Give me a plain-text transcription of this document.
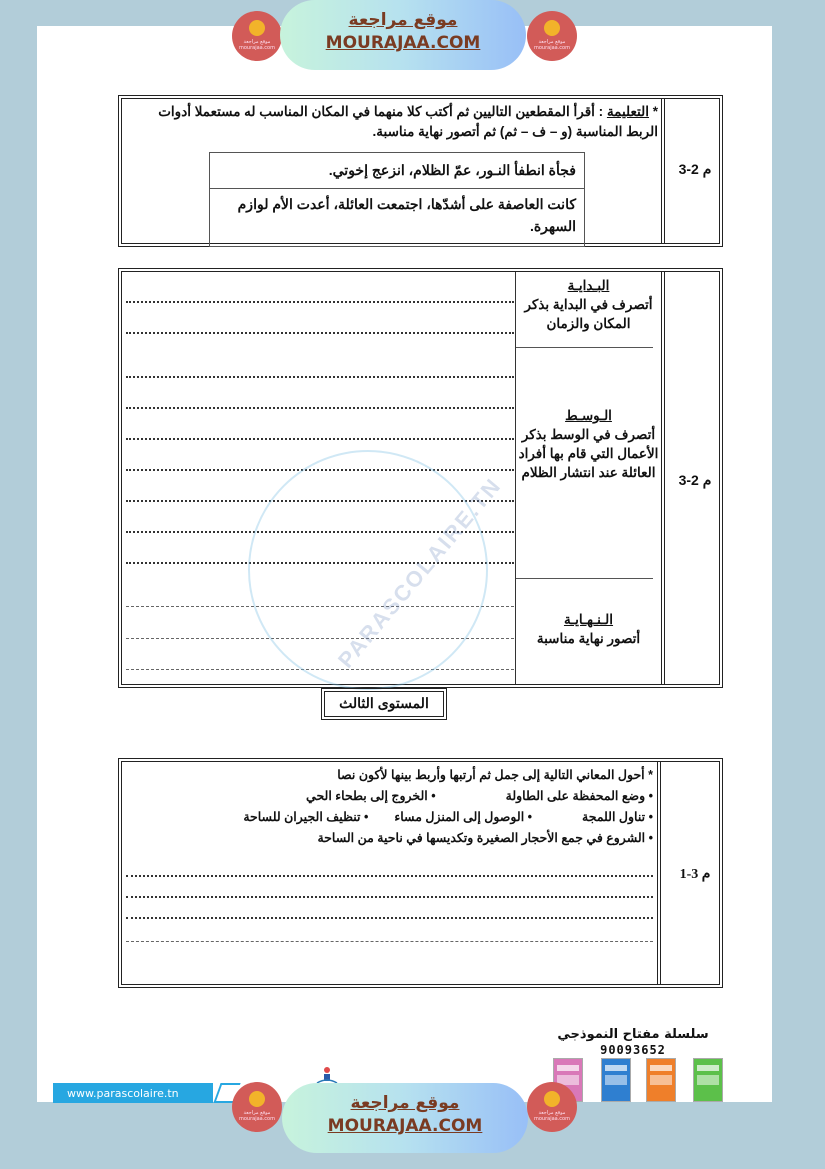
موقع مراجعة mourajaa.com
موقع مراجعة
MOURAJAA.COM	موقع مراجعة mourajaa.com
م 2-3
* التعليمة : أقرأ المقطعين التاليين ثم أكتب كلا منهما في المكان المناسب له مستعملا أدوات الربط المناسبة (و – ف – ثم) ثم أتصور نهاية مناسبة.
فجأة انطفأ النـور، عمّ الظلام، انزعج إخوتي.
كانت العاصفة على أشدّها، اجتمعت العائلة، أعدت الأم لوازم السهرة.
م 2-3
البـدايـة
أتصرف في البداية بذكر المكان والزمان
الـوسـط
أتصرف في الوسط بذكر الأعمال التي قام بها أفراد العائلة عند انتشار الظلام
الـنـهـايـة
أتصور نهاية مناسبة
PARASCOLAIRE.TN
المستوى الثالث
م 3-1
* أحول المعاني التالية إلى جمل ثم أرتبها وأربط بينها لأكون نصا
• وضع المحفظة على الطاولة• الخروج إلى بطحاء الحي
• تناول اللمجة• الوصول إلى المنزل مساء• تنظيف الجيران للساحة
• الشروع في جمع الأحجار الصغيرة وتكديسها في ناحية من الساحة
سلسلة مفتاح النموذجي
90093652
www.parascolaire.tn
موقع مراجعة mourajaa.com
موقع مراجعة
MOURAJAA.COM
موقع مراجعة mourajaa.com
